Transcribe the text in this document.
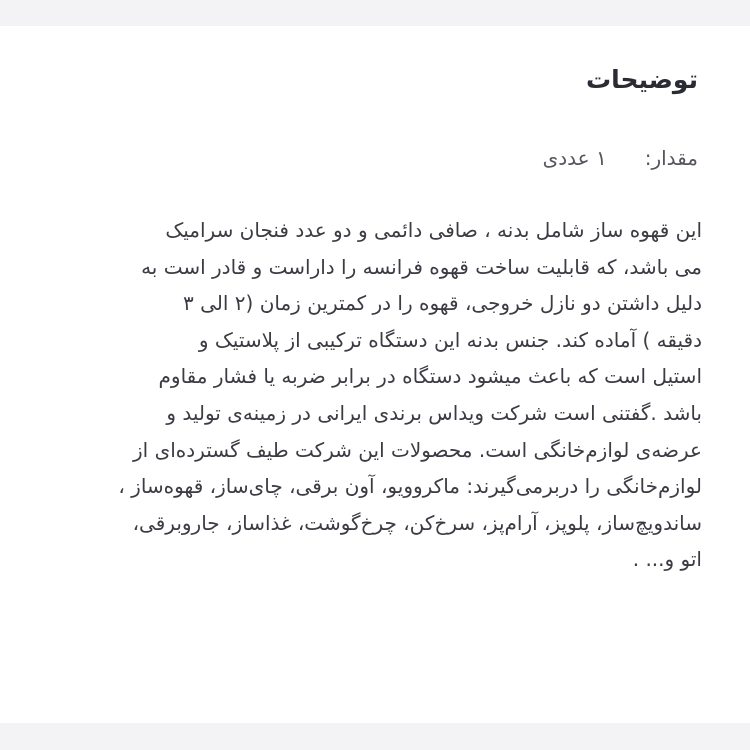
توضیحات
مقدار:۱ عددی

این قهوه ساز شامل بدنه ، صافی دائمی و دو عدد فنجان سرامیک
می باشد، که قابلیت ساخت قهوه فرانسه را داراست و قادر است به
دلیل داشتن دو نازل خروجی، قهوه را در کمترین زمان (۲ الی ۳
دقیقه ) آماده کند. جنس بدنه این دستگاه ترکیبی از پلاستیک و
استیل است که باعث میشود دستگاه در برابر ضربه یا فشار مقاوم
باشد .گفتنی است شرکت ویداس برندی ایرانی در زمینه‌ی تولید و
عرضه‌ی لوازم‌خانگی است. محصولات این شرکت طیف گسترده‌ای از
لوازم‌خانگی را دربرمی‌گیرند: ماکروویو، آون برقی، چای‌ساز، قهوه‌ساز ،
ساندویچ‌ساز، پلوپز، آرام‌پز، سرخ‌کن، چرخ‌گوشت، غذاساز، جاروبرقی،
اتو و... .
